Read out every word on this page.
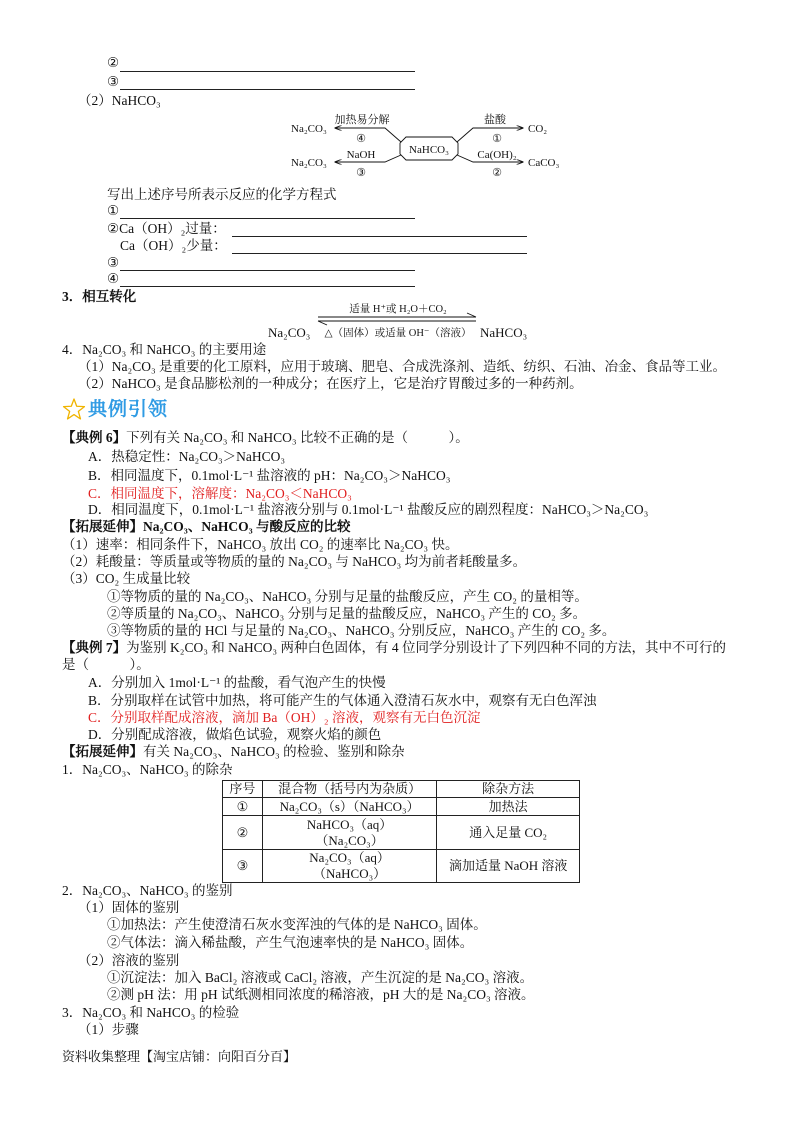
②
③
（2）NaHCO₃
NaHCO₃
Na₂CO₃
加热易分解
④
Na₂CO₃
NaOH
③
盐酸
①
CO₂
Ca(OH)₂
②
CaCO₃
写出上述序号所表示反应的化学方程式
①
②Ca（OH）₂过量：
Ca（OH）₂少量：
③
④
3．相互转化
Na₂CO₃	NaHCO₃
适量 H⁺或 H₂O＋CO₂
△（固体）或适量 OH⁻（溶液）
4．Na₂CO₃ 和 NaHCO₃ 的主要用途
（1）Na₂CO₃ 是重要的化工原料，应用于玻璃、肥皂、合成洗涤剂、造纸、纺织、石油、冶金、食品等工业。
（2）NaHCO₃ 是食品膨松剂的一种成分；在医疗上，它是治疗胃酸过多的一种药剂。
典例引领
【典例 6】下列有关 Na₂CO₃ 和 NaHCO₃ 比较不正确的是（　　　）。
A．热稳定性：Na₂CO₃＞NaHCO₃
B．相同温度下，0.1mol·L⁻¹ 盐溶液的 pH：Na₂CO₃＞NaHCO₃
C．相同温度下，溶解度：Na₂CO₃＜NaHCO₃
D．相同温度下，0.1mol·L⁻¹ 盐溶液分别与 0.1mol·L⁻¹ 盐酸反应的剧烈程度：NaHCO₃＞Na₂CO₃
【拓展延伸】Na₂CO₃、NaHCO₃ 与酸反应的比较
（1）速率：相同条件下，NaHCO₃ 放出 CO₂ 的速率比 Na₂CO₃ 快。
（2）耗酸量：等质量或等物质的量的 Na₂CO₃ 与 NaHCO₃ 均为前者耗酸量多。
（3）CO₂ 生成量比较
①等物质的量的 Na₂CO₃、NaHCO₃ 分别与足量的盐酸反应，产生 CO₂ 的量相等。
②等质量的 Na₂CO₃、NaHCO₃ 分别与足量的盐酸反应，NaHCO₃ 产生的 CO₂ 多。
③等物质的量的 HCl 与足量的 Na₂CO₃、NaHCO₃ 分别反应，NaHCO₃ 产生的 CO₂ 多。
【典例 7】为鉴别 K₂CO₃ 和 NaHCO₃ 两种白色固体，有 4 位同学分别设计了下列四种不同的方法，其中不可行的
是（　　　）。
A．分别加入 1mol·L⁻¹ 的盐酸，看气泡产生的快慢
B．分别取样在试管中加热，将可能产生的气体通入澄清石灰水中，观察有无白色浑浊
C．分别取样配成溶液，滴加 Ba（OH）₂ 溶液，观察有无白色沉淀
D．分别配成溶液，做焰色试验，观察火焰的颜色
【拓展延伸】有关 Na₂CO₃、NaHCO₃ 的检验、鉴别和除杂
1．Na₂CO₃、NaHCO₃ 的除杂
序号	混合物（括号内为杂质）	除杂方法
①	Na₂CO₃（s）（NaHCO₃）	加热法
②	NaHCO₃（aq）
（Na₂CO₃）	通入足量 CO₂
③	Na₂CO₃（aq）
（NaHCO₃）	滴加适量 NaOH 溶液
2．Na₂CO₃、NaHCO₃ 的鉴别
（1）固体的鉴别
①加热法：产生使澄清石灰水变浑浊的气体的是 NaHCO₃ 固体。
②气体法：滴入稀盐酸，产生气泡速率快的是 NaHCO₃ 固体。
（2）溶液的鉴别
①沉淀法：加入 BaCl₂ 溶液或 CaCl₂ 溶液，产生沉淀的是 Na₂CO₃ 溶液。
②测 pH 法：用 pH 试纸测相同浓度的稀溶液，pH 大的是 Na₂CO₃ 溶液。
3．Na₂CO₃ 和 NaHCO₃ 的检验
（1）步骤
资料收集整理【淘宝店铺：向阳百分百】
